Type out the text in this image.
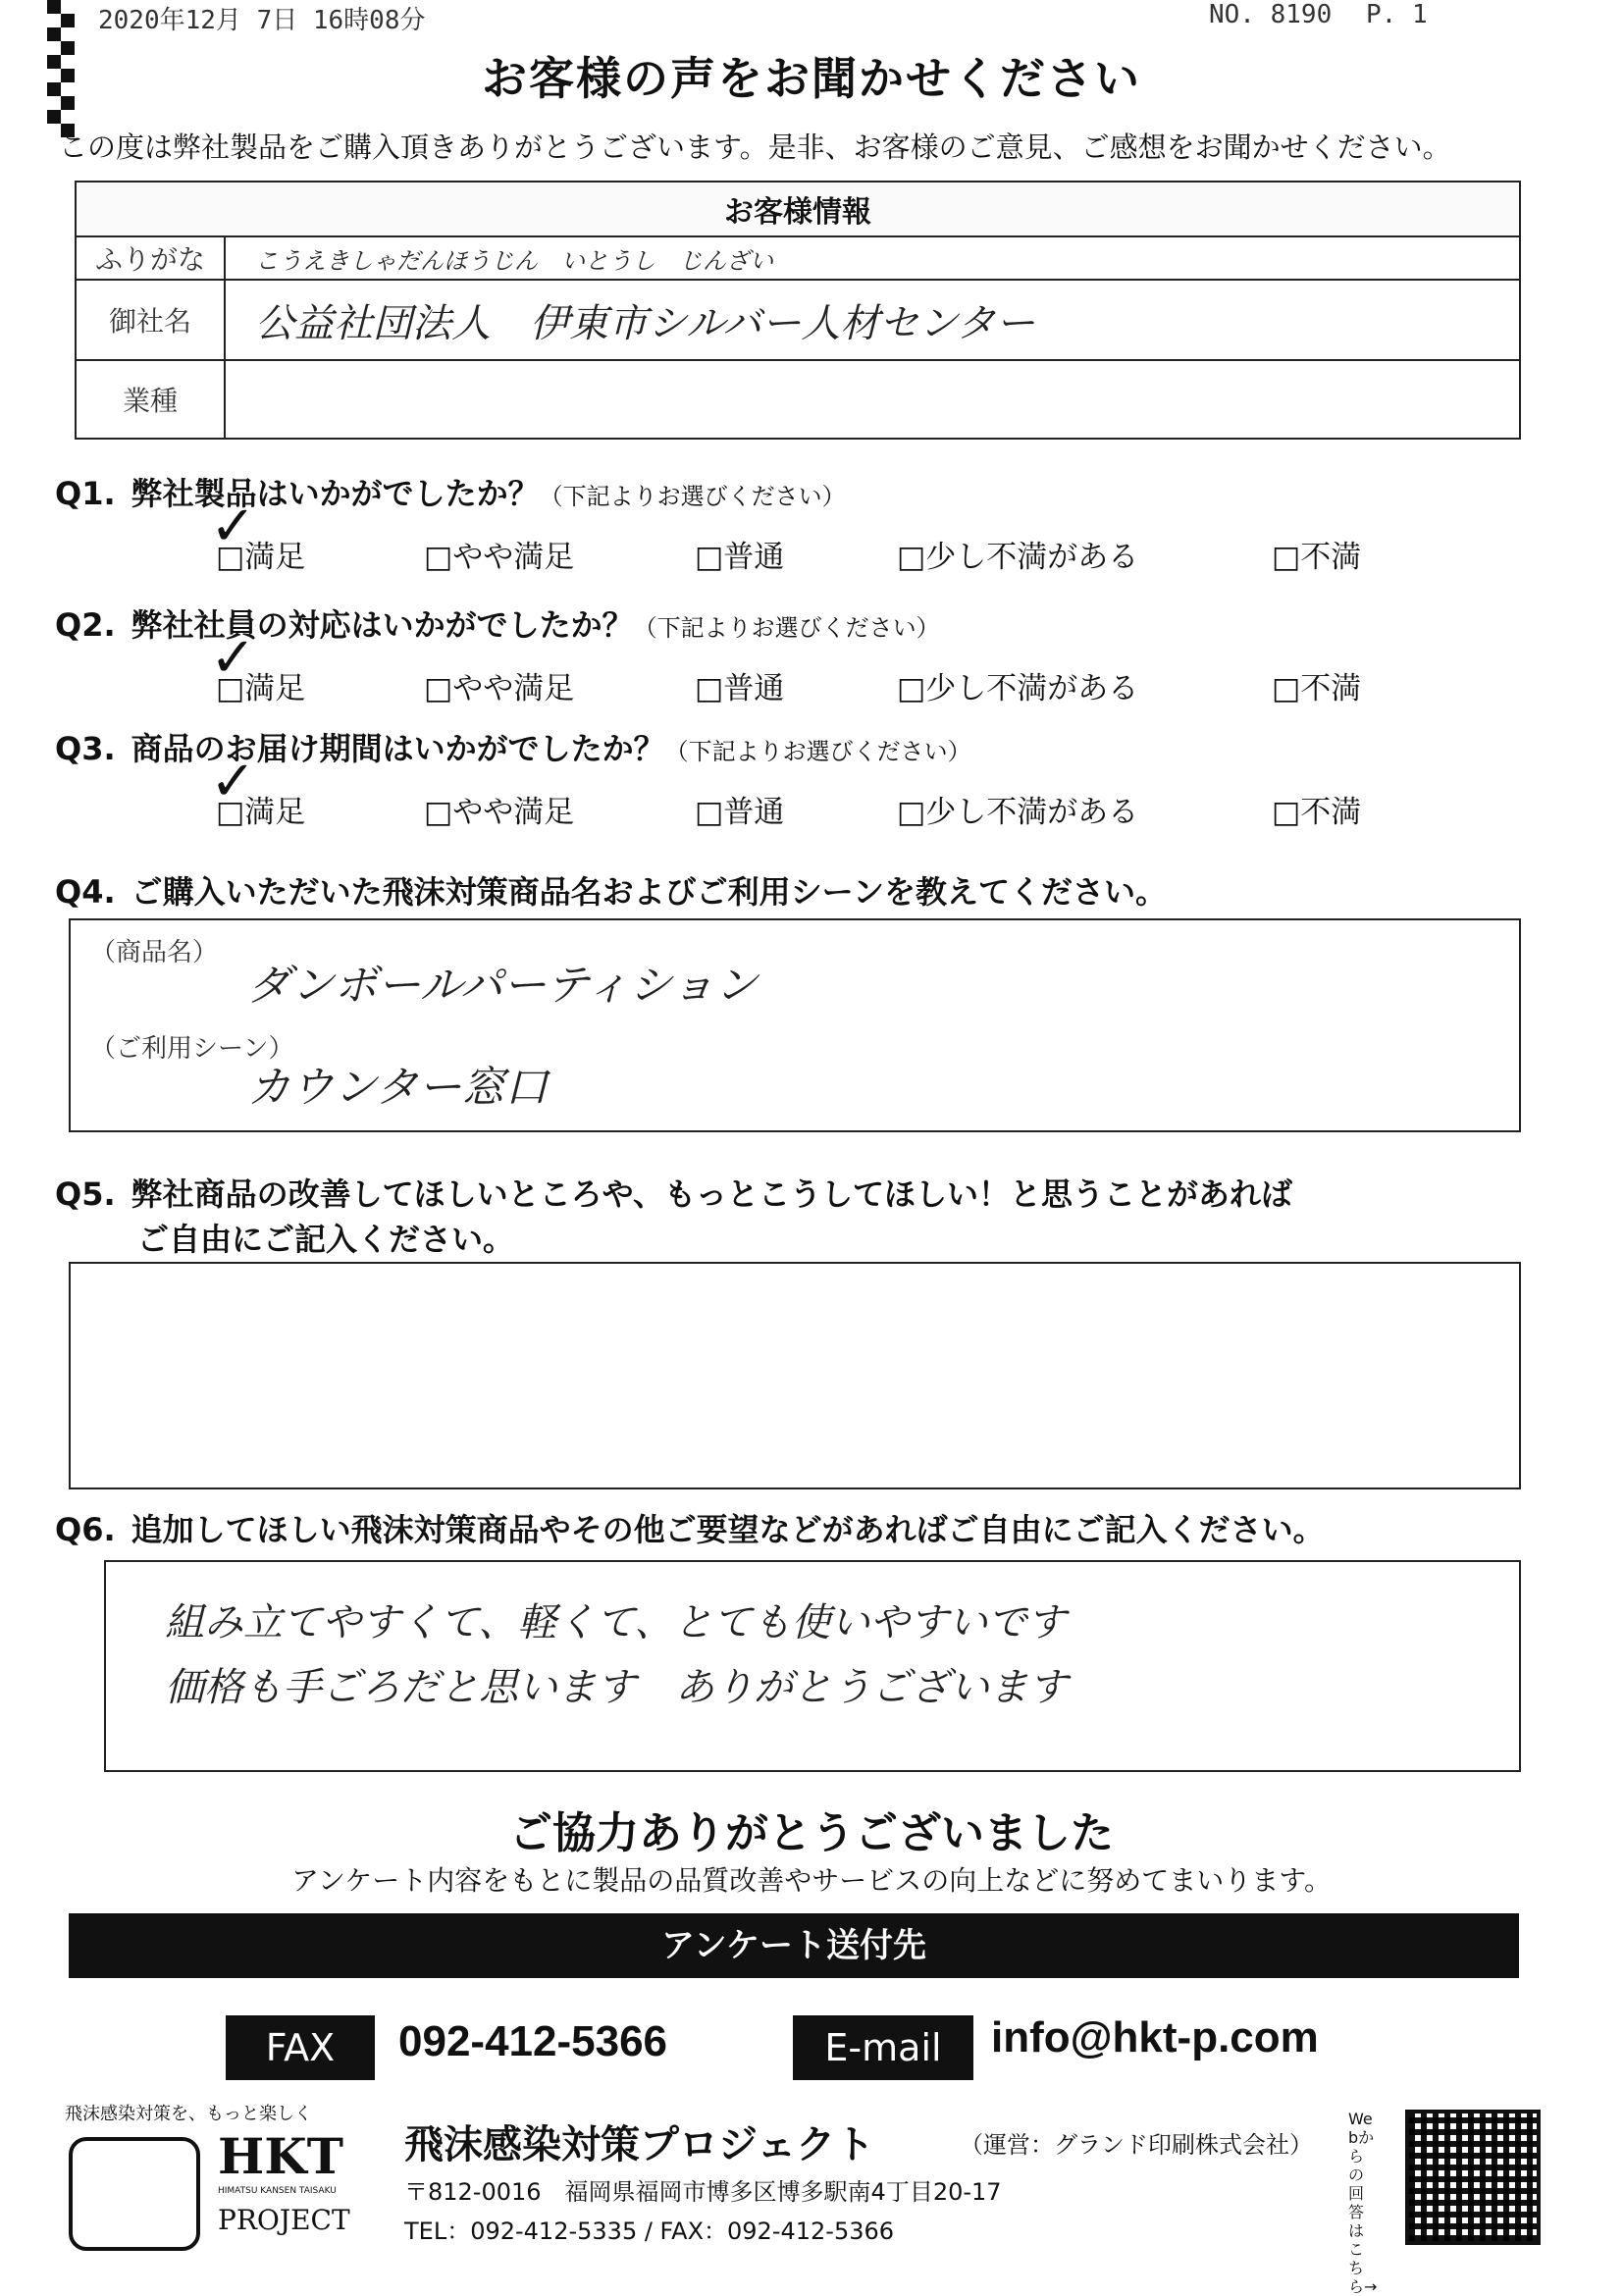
2020年12月 7日 16時08分	NO. 8190 P. 1
お客様の声をお聞かせください
この度は弊社製品をご購入頂きありがとうございます。是非、お客様のご意見、ご感想をお聞かせください。
お客様情報	
ふりがな	こうえきしゃだんほうじん　いとうし　じんざい
御社名	公益社団法人　伊東市シルバー人材センター
業種	
Q1. 弊社製品はいかがでしたか？（下記よりお選びください）
□満足	□やや満足	□普通	□少し不満がある	□不満
✓
Q2. 弊社社員の対応はいかがでしたか？（下記よりお選びください）
□満足	□やや満足	□普通	□少し不満がある	□不満
✓
Q3. 商品のお届け期間はいかがでしたか？（下記よりお選びください）
□満足	□やや満足	□普通	□少し不満がある	□不満
✓
Q4. ご購入いただいた飛沫対策商品名およびご利用シーンを教えてください。
（商品名）
ダンボールパーティション
（ご利用シーン）
カウンター窓口
Q5. 弊社商品の改善してほしいところや、もっとこうしてほしい！と思うことがあれば
ご自由にご記入ください。
Q6. 追加してほしい飛沫対策商品やその他ご要望などがあればご自由にご記入ください。
組み立てやすくて、軽くて、とても使いやすいです
価格も手ごろだと思います　ありがとうございます
ご協力ありがとうございました
アンケート内容をもとに製品の品質改善やサービスの向上などに努めてまいります。
アンケート送付先
FAX	092-412-5366	E-mail	info@hkt-p.com
飛沫感染対策を、もっと楽しく
HKT
HIMATSU KANSEN TAISAKU
PROJECT
飛沫感染対策プロジェクト	（運営：グランド印刷株式会社）
〒812-0016　福岡県福岡市博多区博多駅南4丁目20-17
TEL：092-412-5335 / FAX：092-412-5366
Webからの回答はこちら→
